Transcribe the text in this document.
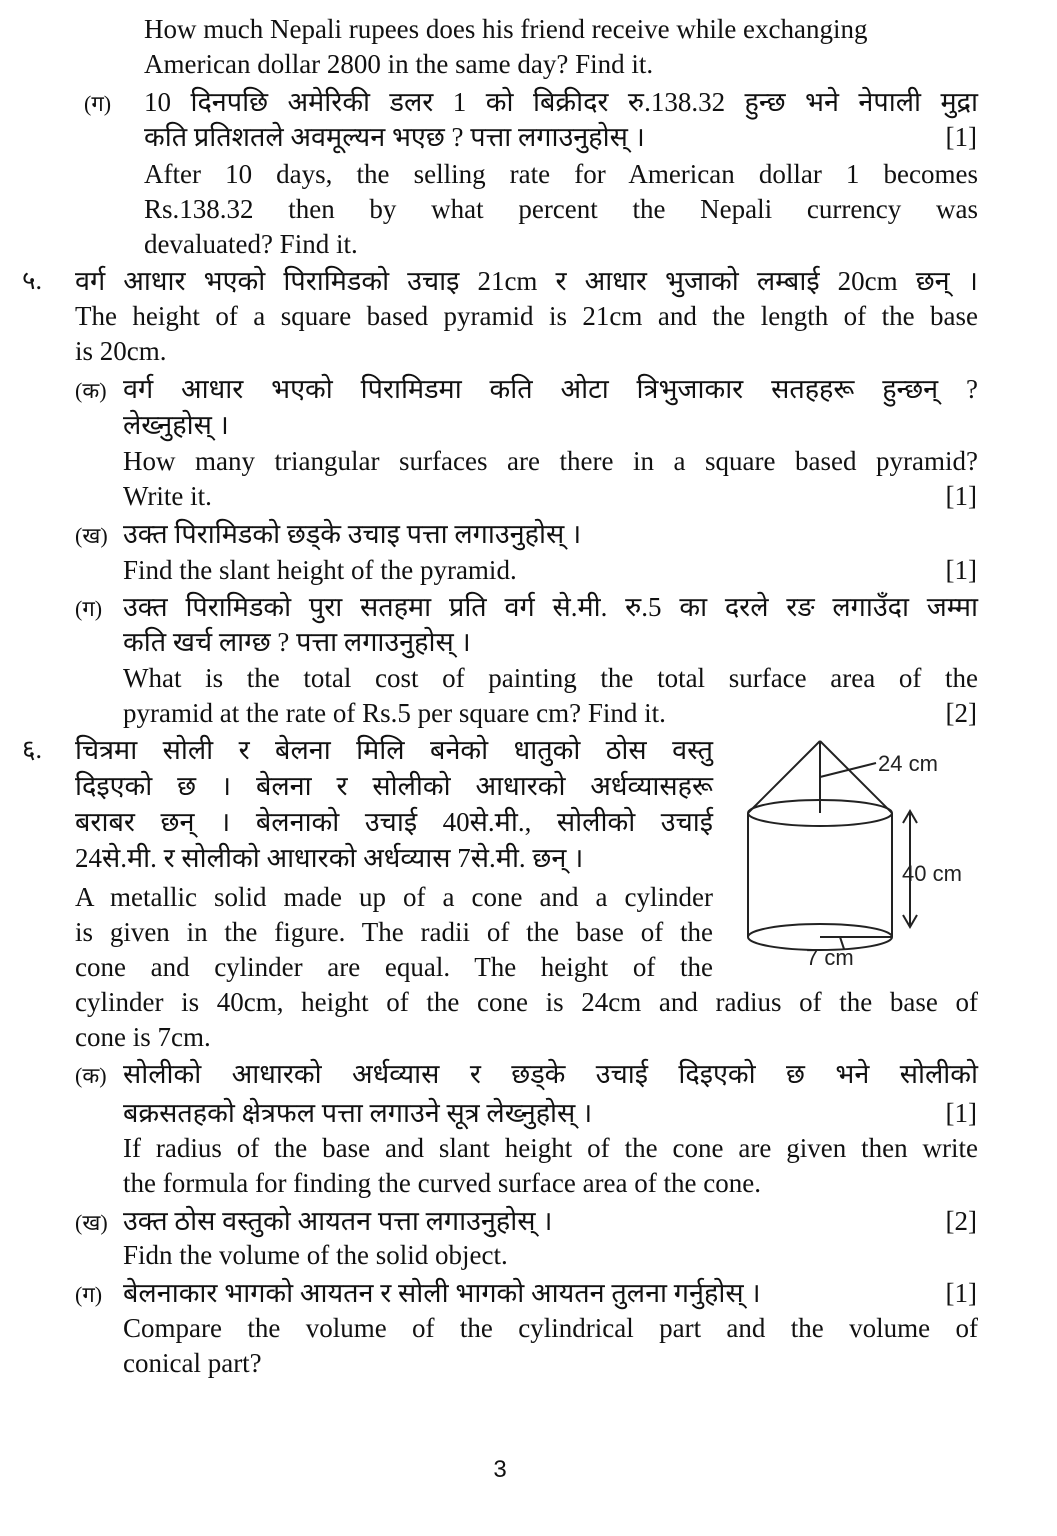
How much Nepali rupees does his friend receive while exchanging
American dollar 2800 in the same day? Find it.
(ग) 10 दिनपछि अमेरिकी डलर 1 को बिक्रीदर रु.138.32 हुन्छ भने नेपाली मुद्रा
कति प्रतिशतले अवमूल्यन भएछ ? पत्ता लगाउनुहोस् ।	[1]
After 10 days, the selling rate for American dollar 1 becomes
Rs.138.32 then by what percent the Nepali currency was
devaluated? Find it.
५. वर्ग आधार भएको पिरामिडको उचाइ 21cm र आधार भुजाको लम्बाई 20cm छन् ।
The height of a square based pyramid is 21cm and the length of the base
is 20cm.
(क) वर्ग आधार भएको पिरामिडमा कति ओटा त्रिभुजाकार सतहहरू हुन्छन् ?
लेख्नुहोस् ।
How many triangular surfaces are there in a square based pyramid?
Write it.	[1]
(ख) उक्त पिरामिडको छड्के उचाइ पत्ता लगाउनुहोस् ।
Find the slant height of the pyramid.	[1]
(ग) उक्त पिरामिडको पुरा सतहमा प्रति वर्ग से.मी. रु.5 का दरले रङ लगाउँदा जम्मा
कति खर्च लाग्छ ? पत्ता लगाउनुहोस् ।
What is the total cost of painting the total surface area of the
pyramid at the rate of Rs.5 per square cm? Find it.	[2]
६. चित्रमा सोली र बेलना मिलि बनेको धातुको ठोस वस्तु
दिइएको छ । बेलना र सोलीको आधारको अर्धव्यासहरू
बराबर छन् । बेलनाको उचाई 40से.मी., सोलीको उचाई
24से.मी. र सोलीको आधारको अर्धव्यास 7से.मी. छन् ।
A metallic solid made up of a cone and a cylinder
is given in the figure. The radii of the base of the
cone and cylinder are equal. The height of the
cylinder is 40cm, height of the cone is 24cm and radius of the base of
cone is 7cm.
24 cm
40 cm
7 cm
(क) सोलीको आधारको अर्धव्यास र छड्के उचाई दिइएको छ भने सोलीको
बक्रसतहको क्षेत्रफल पत्ता लगाउने सूत्र लेख्नुहोस् ।	[1]
If radius of the base and slant height of the cone are given then write
the formula for finding the curved surface area of the cone.
(ख) उक्त ठोस वस्तुको आयतन पत्ता लगाउनुहोस् ।	[2]
Fidn the volume of the solid object.
(ग) बेलनाकार भागको आयतन र सोली भागको आयतन तुलना गर्नुहोस् ।	[1]
Compare the volume of the cylindrical part and the volume of
conical part?
3
